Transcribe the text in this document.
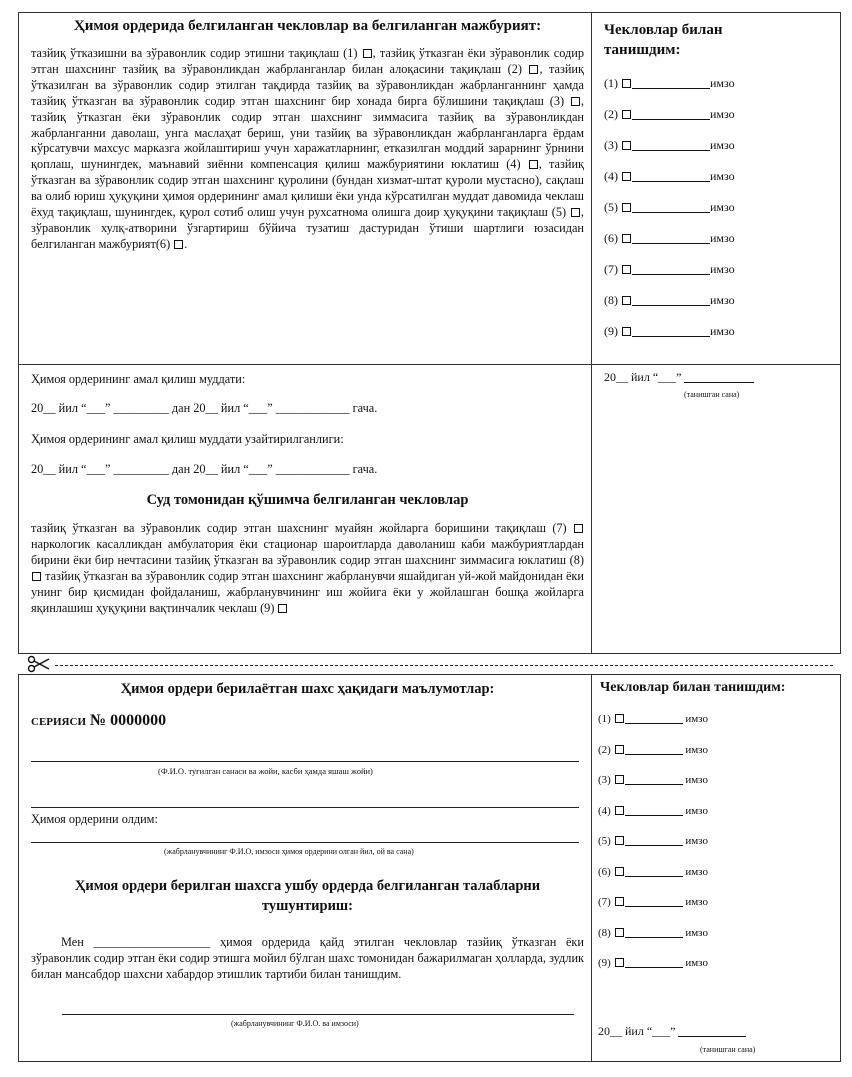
Ҳимоя ордерида белгиланган чекловлар ва белгиланган мажбурият:
тазйиқ ўтказишни ва зўравонлик содир этишни тақиқлаш (1) , тазйиқ ўтказган ёки зўравонлик содир этган шахснинг тазйиқ ва зўравонликдан жабрланганлар билан алоқасини тақиқлаш (2) , тазйиқ ўтказилган ва зўравонлик содир этилган тақдирда тазйиқ ва зўравонликдан жабрланганнинг ҳамда тазйиқ ўтказган ва зўравонлик содир этган шахснинг бир хонада бирга бўлишини тақиқлаш (3) , тазйиқ ўтказган ёки зўравонлик содир этган шахснинг зиммасига тазйиқ ва зўравонликдан жабрланганни даволаш, унга маслаҳат бериш, уни тазйиқ ва зўравонликдан жабрланганларга ёрдам кўрсатувчи махсус марказга жойлаштириш учун харажатларнинг, етказилган моддий зарарнинг ўрнини қоплаш, шунингдек, маънавий зиённи компенсация қилиш мажбуриятини юклатиш (4) , тазйиқ ўтказган ва зўравонлик содир этган шахснинг қуролини (бундан хизмат-штат қуроли мустасно), сақлаш ва олиб юриш ҳуқуқини ҳимоя ордерининг амал қилиши ёки унда кўрсатилган муддат давомида чеклаш ёхуд тақиқлаш, шунингдек, қурол сотиб олиш учун рухсатнома олишга доир ҳуқуқини тақиқлаш (5) , зўравонлик хулқ-атворини ўзгартириш бўйича тузатиш дастуридан ўтиши шартлиги юзасидан белгиланган мажбурият(6) .
Чекловлар билан
танишдим:
(1)	имзо
(2)	имзо
(3)	имзо
(4)	имзо
(5)	имзо
(6)	имзо
(7)	имзо
(8)	имзо
(9)	имзо
Ҳимоя ордерининг амал қилиш муддати:
20__ йил “___” _________ дан 20__ йил “___” ____________ гача.
Ҳимоя ордерининг амал қилиш муддати узайтирилганлиги:
20__ йил “___” _________ дан 20__ йил “___” ____________ гача.
Суд томонидан қўшимча белгиланган чекловлар
тазйиқ ўтказган ва зўравонлик содир этган шахснинг муайян жойларга боришини тақиқлаш (7)  наркологик касалликдан амбулатория ёки стационар шароитларда даволаниш каби мажбуриятлардан бирини ёки бир нечтасини тазйиқ ўтказган ва зўравонлик содир этган шахснинг зиммасига юклатиш (8)  тазйиқ ўтказган ва зўравонлик содир этган шахснинг жабрланувчи яшайдиган уй-жой майдонидан ёки унинг бир қисмидан фойдаланиш, жабрланувчининг иш жойига ёки у жойлашган бошқа жойларга яқинлашиш ҳуқуқини вақтинчалик чеклаш (9)
20__ йил “___”
(танишган сана)
Ҳимоя ордери берилаётган шахс ҳақидаги маълумотлар:
СЕРИЯСИ № 0000000
(Ф.И.О. туғилган санаси ва жойи, касби ҳамда яшаш жойи)
Ҳимоя ордерини олдим:
(жабрланувчининг Ф.И.О, имзоси ҳимоя ордерини олган йил, ой ва сана)
Ҳимоя ордери берилган шахсга ушбу ордерда белгиланган талабларни
тушунтириш:
Мен ___________________ ҳимоя ордерида қайд этилган чекловлар тазйиқ ўтказган ёки зўравонлик содир этган ёки содир этишга мойил бўлган шахс томонидан бажарилмаган ҳолларда, зудлик билан мансабдор шахсни хабардор этишлик тартиби билан танишдим.
(жабрланувчининг Ф.И.О. ва имзоси)
Чекловлар билан танишдим:
(1)	имзо
(2)	имзо
(3)	имзо
(4)	имзо
(5)	имзо
(6)	имзо
(7)	имзо
(8)	имзо
(9)	имзо
20__ йил “___”
(танишган сана)
